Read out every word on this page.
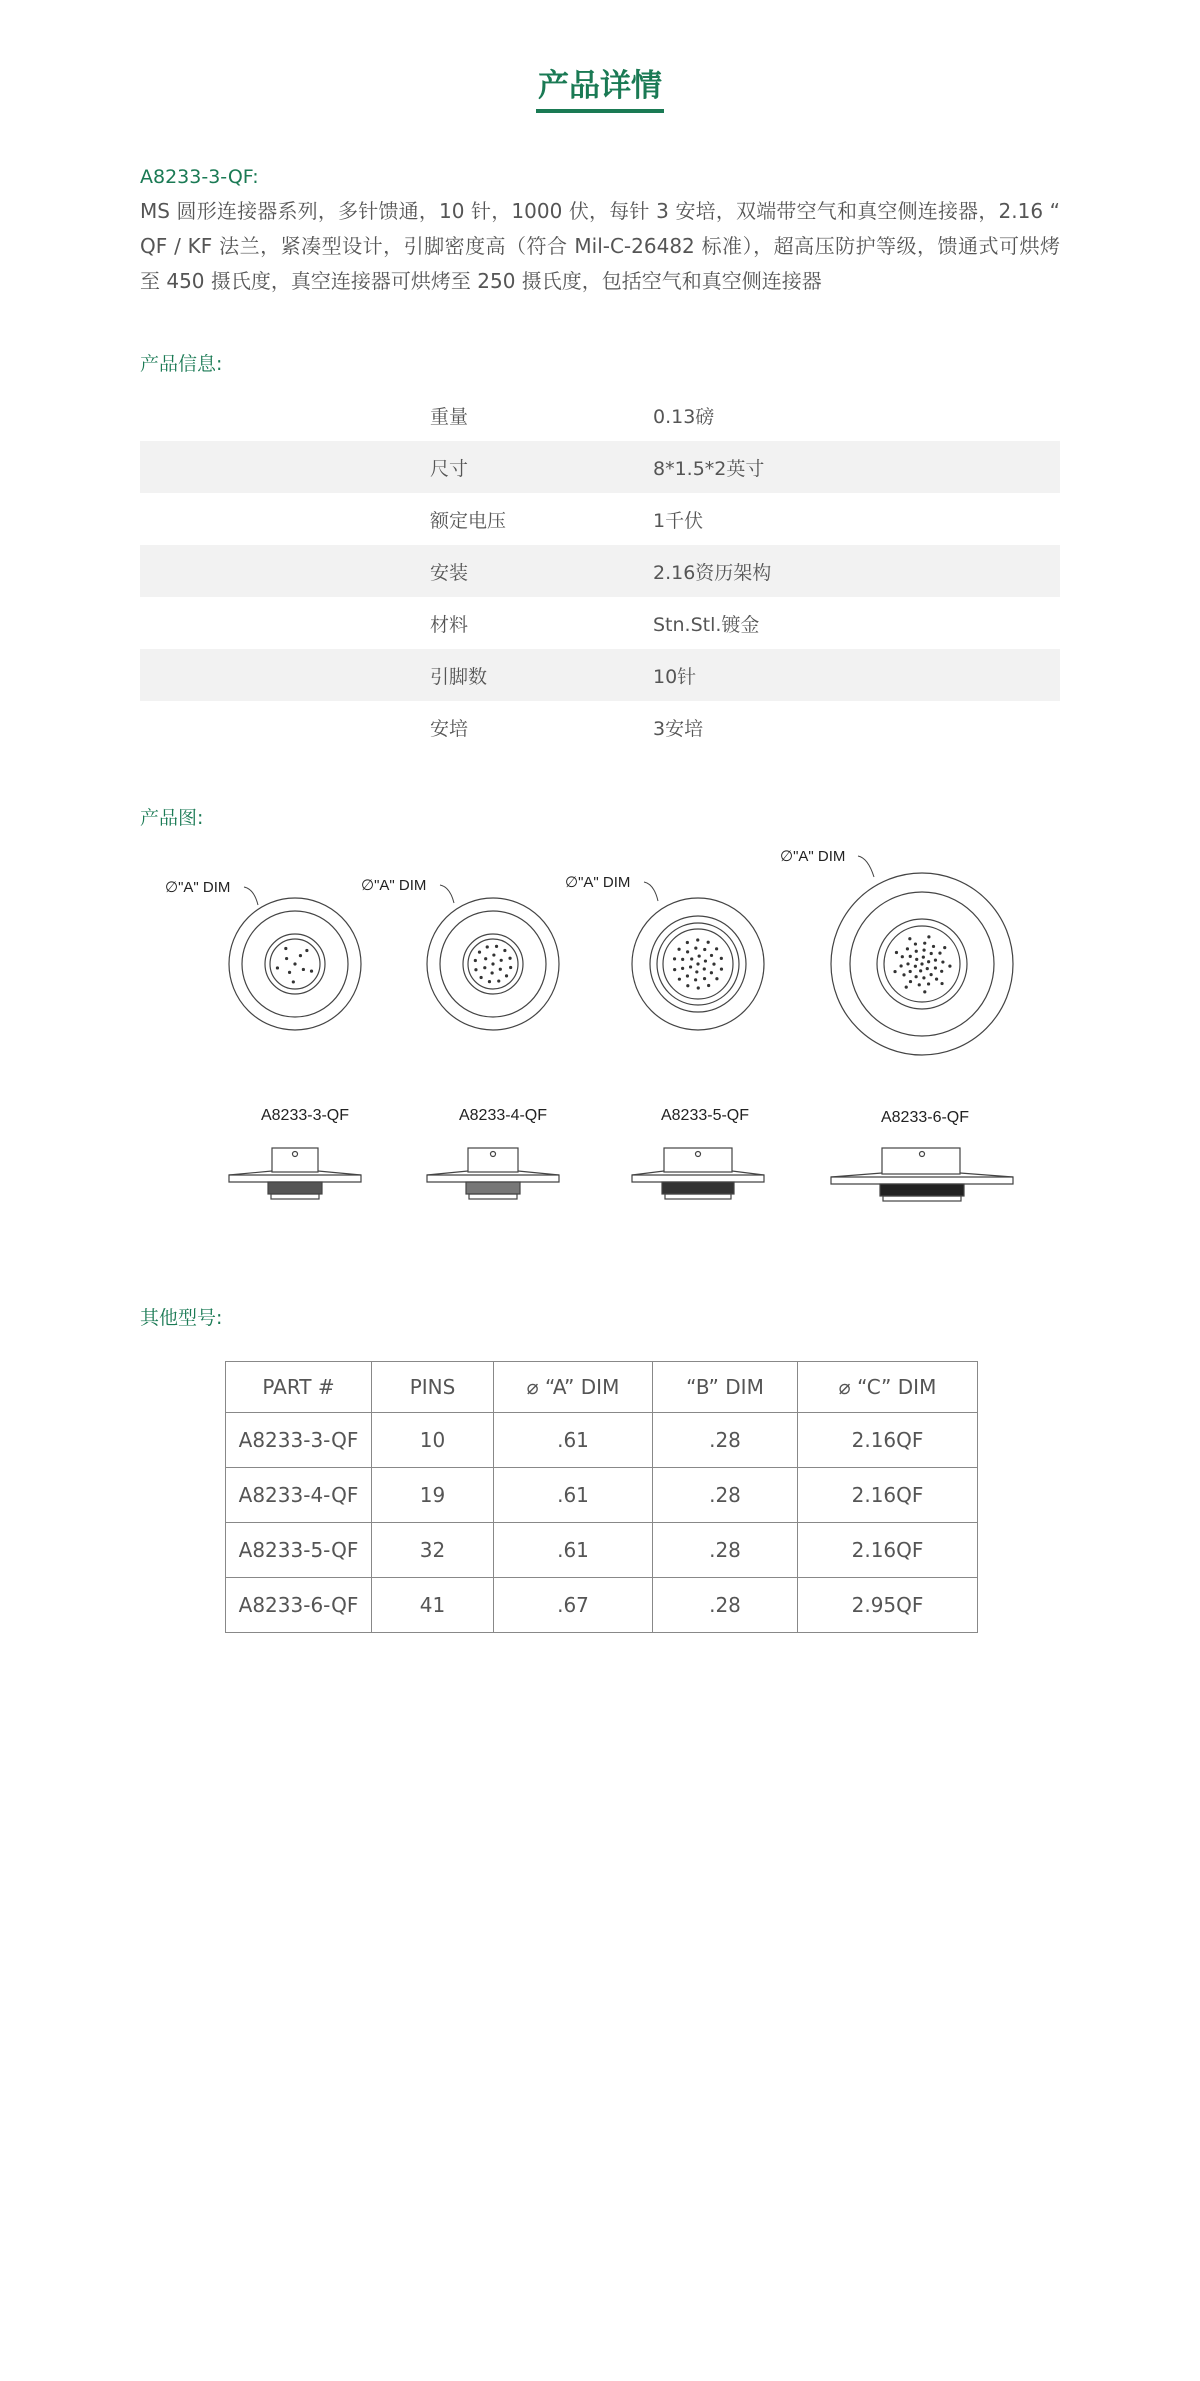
产品详情
A8233-3-QF:

MS 圆形连接器系列，多针馈通，10 针，1000 伏，每针 3 安培，双端带空气和真空侧连接器，2.16 “ QF / KF 法兰，紧凑型设计，引脚密度高（符合 Mil-C-26482 标准），超高压防护等级，馈通式可烘烤至 450 摄氏度，真空连接器可烘烤至 250 摄氏度，包括空气和真空侧连接器

产品信息:
重量	0.13磅
尺寸	8*1.5*2英寸
额定电压	1千伏
安装	2.16资历架构
材料	Stn.Stl.镀金
引脚数	10针
安培	3安培
产品图:
∅"A" DIM	∅"A" DIM	∅"A" DIM
∅"A" DIM
A8233-3-QF	A8233-4-QF	A8233-5-QF	A8233-6-QF
其他型号:
PART #	PINS	⌀ “A” DIM	“B” DIM	⌀ “C” DIM
A8233-3-QF	10	.61	.28	2.16QF
A8233-4-QF	19	.61	.28	2.16QF
A8233-5-QF	32	.61	.28	2.16QF
A8233-6-QF	41	.67	.28	2.95QF
